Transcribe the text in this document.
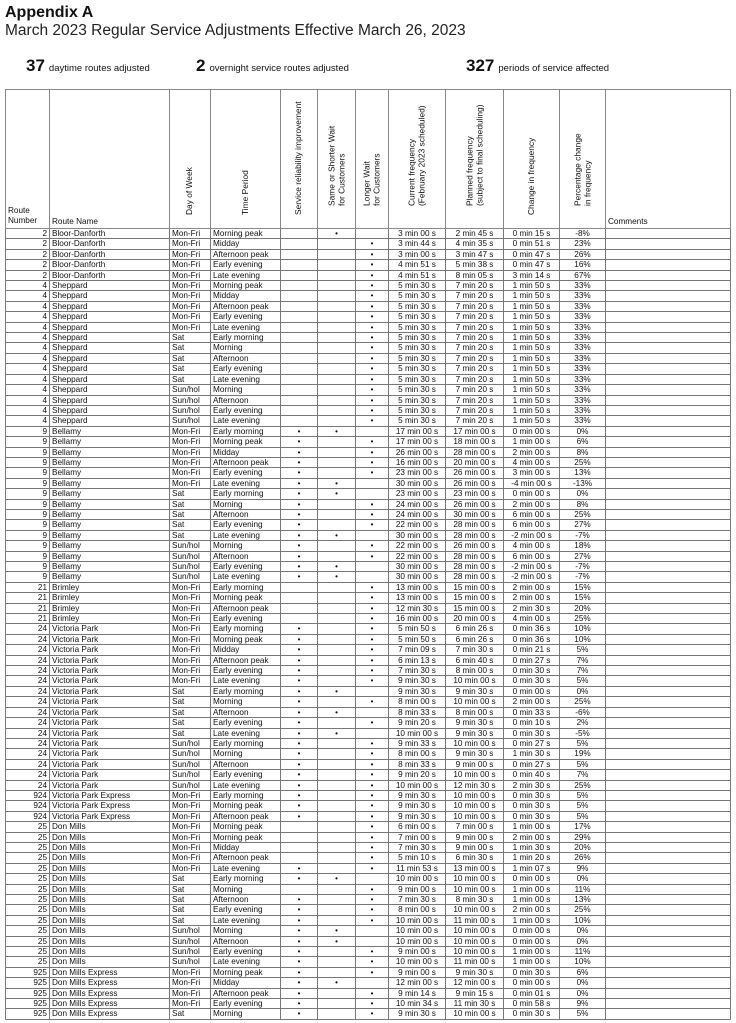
Appendix A
March 2023 Regular Service Adjustments Effective March 26, 2023
37 daytime routes adjusted	2 overnight service routes adjusted	327 periods of service affected
Route
Number	Route Name	Day of Week	Time Period	Service reliability improvement	Same or Shorter Wait
for Customers	Longer Wait
for Customers	Current frequency
(February 2023 scheduled)	Planned frequency
(subject to final scheduling)	Change in frequency	Percentage change
in frequency	Comments
2	Bloor-Danforth	Mon-Fri	Morning peak		•		3 min 00 s	2 min 45 s	0 min 15 s	-8%	
2	Bloor-Danforth	Mon-Fri	Midday			•	3 min 44 s	4 min 35 s	0 min 51 s	23%	
2	Bloor-Danforth	Mon-Fri	Afternoon peak			•	3 min 00 s	3 min 47 s	0 min 47 s	26%	
2	Bloor-Danforth	Mon-Fri	Early evening			•	4 min 51 s	5 min 38 s	0 min 47 s	16%	
2	Bloor-Danforth	Mon-Fri	Late evening			•	4 min 51 s	8 min 05 s	3 min 14 s	67%	
4	Sheppard	Mon-Fri	Morning peak			•	5 min 30 s	7 min 20 s	1 min 50 s	33%	
4	Sheppard	Mon-Fri	Midday			•	5 min 30 s	7 min 20 s	1 min 50 s	33%	
4	Sheppard	Mon-Fri	Afternoon peak			•	5 min 30 s	7 min 20 s	1 min 50 s	33%	
4	Sheppard	Mon-Fri	Early evening			•	5 min 30 s	7 min 20 s	1 min 50 s	33%	
4	Sheppard	Mon-Fri	Late evening			•	5 min 30 s	7 min 20 s	1 min 50 s	33%	
4	Sheppard	Sat	Early morning			•	5 min 30 s	7 min 20 s	1 min 50 s	33%	
4	Sheppard	Sat	Morning			•	5 min 30 s	7 min 20 s	1 min 50 s	33%	
4	Sheppard	Sat	Afternoon			•	5 min 30 s	7 min 20 s	1 min 50 s	33%	
4	Sheppard	Sat	Early evening			•	5 min 30 s	7 min 20 s	1 min 50 s	33%	
4	Sheppard	Sat	Late evening			•	5 min 30 s	7 min 20 s	1 min 50 s	33%	
4	Sheppard	Sun/hol	Morning			•	5 min 30 s	7 min 20 s	1 min 50 s	33%	
4	Sheppard	Sun/hol	Afternoon			•	5 min 30 s	7 min 20 s	1 min 50 s	33%	
4	Sheppard	Sun/hol	Early evening			•	5 min 30 s	7 min 20 s	1 min 50 s	33%	
4	Sheppard	Sun/hol	Late evening			•	5 min 30 s	7 min 20 s	1 min 50 s	33%	
9	Bellamy	Mon-Fri	Early morning	•	•		17 min 00 s	17 min 00 s	0 min 00 s	0%	
9	Bellamy	Mon-Fri	Morning peak	•		•	17 min 00 s	18 min 00 s	1 min 00 s	6%	
9	Bellamy	Mon-Fri	Midday	•		•	26 min 00 s	28 min 00 s	2 min 00 s	8%	
9	Bellamy	Mon-Fri	Afternoon peak	•		•	16 min 00 s	20 min 00 s	4 min 00 s	25%	
9	Bellamy	Mon-Fri	Early evening	•		•	23 min 00 s	26 min 00 s	3 min 00 s	13%	
9	Bellamy	Mon-Fri	Late evening	•	•		30 min 00 s	26 min 00 s	-4 min 00 s	-13%	
9	Bellamy	Sat	Early morning	•	•		23 min 00 s	23 min 00 s	0 min 00 s	0%	
9	Bellamy	Sat	Morning	•		•	24 min 00 s	26 min 00 s	2 min 00 s	8%	
9	Bellamy	Sat	Afternoon	•		•	24 min 00 s	30 min 00 s	6 min 00 s	25%	
9	Bellamy	Sat	Early evening	•		•	22 min 00 s	28 min 00 s	6 min 00 s	27%	
9	Bellamy	Sat	Late evening	•	•		30 min 00 s	28 min 00 s	-2 min 00 s	-7%	
9	Bellamy	Sun/hol	Morning	•		•	22 min 00 s	26 min 00 s	4 min 00 s	18%	
9	Bellamy	Sun/hol	Afternoon	•		•	22 min 00 s	28 min 00 s	6 min 00 s	27%	
9	Bellamy	Sun/hol	Early evening	•	•		30 min 00 s	28 min 00 s	-2 min 00 s	-7%	
9	Bellamy	Sun/hol	Late evening	•	•		30 min 00 s	28 min 00 s	-2 min 00 s	-7%	
21	Brimley	Mon-Fri	Early morning			•	13 min 00 s	15 min 00 s	2 min 00 s	15%	
21	Brimley	Mon-Fri	Morning peak			•	13 min 00 s	15 min 00 s	2 min 00 s	15%	
21	Brimley	Mon-Fri	Afternoon peak			•	12 min 30 s	15 min 00 s	2 min 30 s	20%	
21	Brimley	Mon-Fri	Early evening			•	16 min 00 s	20 min 00 s	4 min 00 s	25%	
24	Victoria Park	Mon-Fri	Early morning	•		•	5 min 50 s	6 min 26 s	0 min 36 s	10%	
24	Victoria Park	Mon-Fri	Morning peak	•		•	5 min 50 s	6 min 26 s	0 min 36 s	10%	
24	Victoria Park	Mon-Fri	Midday	•		•	7 min 09 s	7 min 30 s	0 min 21 s	5%	
24	Victoria Park	Mon-Fri	Afternoon peak	•		•	6 min 13 s	6 min 40 s	0 min 27 s	7%	
24	Victoria Park	Mon-Fri	Early evening	•		•	7 min 30 s	8 min 00 s	0 min 30 s	7%	
24	Victoria Park	Mon-Fri	Late evening	•		•	9 min 30 s	10 min 00 s	0 min 30 s	5%	
24	Victoria Park	Sat	Early morning	•	•		9 min 30 s	9 min 30 s	0 min 00 s	0%	
24	Victoria Park	Sat	Morning	•		•	8 min 00 s	10 min 00 s	2 min 00 s	25%	
24	Victoria Park	Sat	Afternoon	•	•		8 min 33 s	8 min 00 s	0 min 33 s	-6%	
24	Victoria Park	Sat	Early evening	•		•	9 min 20 s	9 min 30 s	0 min 10 s	2%	
24	Victoria Park	Sat	Late evening	•	•		10 min 00 s	9 min 30 s	0 min 30 s	-5%	
24	Victoria Park	Sun/hol	Early morning	•		•	9 min 33 s	10 min 00 s	0 min 27 s	5%	
24	Victoria Park	Sun/hol	Morning	•		•	8 min 00 s	9 min 30 s	1 min 30 s	19%	
24	Victoria Park	Sun/hol	Afternoon	•		•	8 min 33 s	9 min 00 s	0 min 27 s	5%	
24	Victoria Park	Sun/hol	Early evening	•		•	9 min 20 s	10 min 00 s	0 min 40 s	7%	
24	Victoria Park	Sun/hol	Late evening	•		•	10 min 00 s	12 min 30 s	2 min 30 s	25%	
924	Victoria Park Express	Mon-Fri	Early morning	•		•	9 min 30 s	10 min 00 s	0 min 30 s	5%	
924	Victoria Park Express	Mon-Fri	Morning peak	•		•	9 min 30 s	10 min 00 s	0 min 30 s	5%	
924	Victoria Park Express	Mon-Fri	Afternoon peak	•		•	9 min 30 s	10 min 00 s	0 min 30 s	5%	
25	Don Mills	Mon-Fri	Morning peak			•	6 min 00 s	7 min 00 s	1 min 00 s	17%	
25	Don Mills	Mon-Fri	Morning peak			•	7 min 00 s	9 min 00 s	2 min 00 s	29%	
25	Don Mills	Mon-Fri	Midday			•	7 min 30 s	9 min 00 s	1 min 30 s	20%	
25	Don Mills	Mon-Fri	Afternoon peak			•	5 min 10 s	6 min 30 s	1 min 20 s	26%	
25	Don Mills	Mon-Fri	Late evening	•		•	11 min 53 s	13 min 00 s	1 min 07 s	9%	
25	Don Mills	Sat	Early morning	•	•		10 min 00 s	10 min 00 s	0 min 00 s	0%	
25	Don Mills	Sat	Morning			•	9 min 00 s	10 min 00 s	1 min 00 s	11%	
25	Don Mills	Sat	Afternoon	•		•	7 min 30 s	8 min 30 s	1 min 00 s	13%	
25	Don Mills	Sat	Early evening	•		•	8 min 00 s	10 min 00 s	2 min 00 s	25%	
25	Don Mills	Sat	Late evening	•		•	10 min 00 s	11 min 00 s	1 min 00 s	10%	
25	Don Mills	Sun/hol	Morning	•	•		10 min 00 s	10 min 00 s	0 min 00 s	0%	
25	Don Mills	Sun/hol	Afternoon	•	•		10 min 00 s	10 min 00 s	0 min 00 s	0%	
25	Don Mills	Sun/hol	Early evening	•		•	9 min 00 s	10 min 00 s	1 min 00 s	11%	
25	Don Mills	Sun/hol	Late evening	•		•	10 min 00 s	11 min 00 s	1 min 00 s	10%	
925	Don Mills Express	Mon-Fri	Morning peak	•		•	9 min 00 s	9 min 30 s	0 min 30 s	6%	
925	Don Mills Express	Mon-Fri	Midday	•	•		12 min 00 s	12 min 00 s	0 min 00 s	0%	
925	Don Mills Express	Mon-Fri	Afternoon peak	•		•	9 min 14 s	9 min 15 s	0 min 01 s	0%	
925	Don Mills Express	Mon-Fri	Early evening	•		•	10 min 34 s	11 min 30 s	0 min 58 s	9%	
925	Don Mills Express	Sat	Morning	•		•	9 min 30 s	10 min 00 s	0 min 30 s	5%	
